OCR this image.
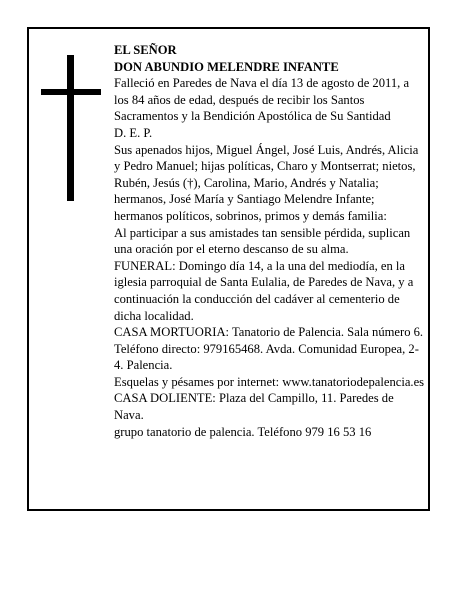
EL SEÑOR

DON ABUNDIO MELENDRE INFANTE

Falleció en Paredes de Nava el día 13 de agosto de 2011, a los 84 años de edad, después de recibir los Santos Sacramentos y la Bendición Apostólica de Su Santidad

D. E. P.

Sus apenados hijos, Miguel Ángel, José Luis, Andrés, Alicia y Pedro Manuel; hijas políticas, Charo y Montserrat; nietos, Rubén, Jesús (†), Carolina, Mario, Andrés y Natalia; hermanos, José María y Santiago Melendre Infante; hermanos políticos, sobrinos, primos y demás familia:

Al participar a sus amistades tan sensible pérdida, suplican una oración por el eterno descanso de su alma.

FUNERAL: Domingo día 14, a la una del mediodía, en la iglesia parroquial de Santa Eulalia, de Paredes de Nava, y a continuación la conducción del cadáver al cementerio de dicha localidad.

CASA MORTUORIA: Tanatorio de Palencia. Sala número 6. Teléfono directo: 979165468. Avda. Comunidad Europea, 2-4. Palencia.

Esquelas y pésames por internet: www.tanatoriodepalencia.es

CASA DOLIENTE: Plaza del Campillo, 11. Paredes de Nava.

grupo tanatorio de palencia. Teléfono 979 16 53 16
